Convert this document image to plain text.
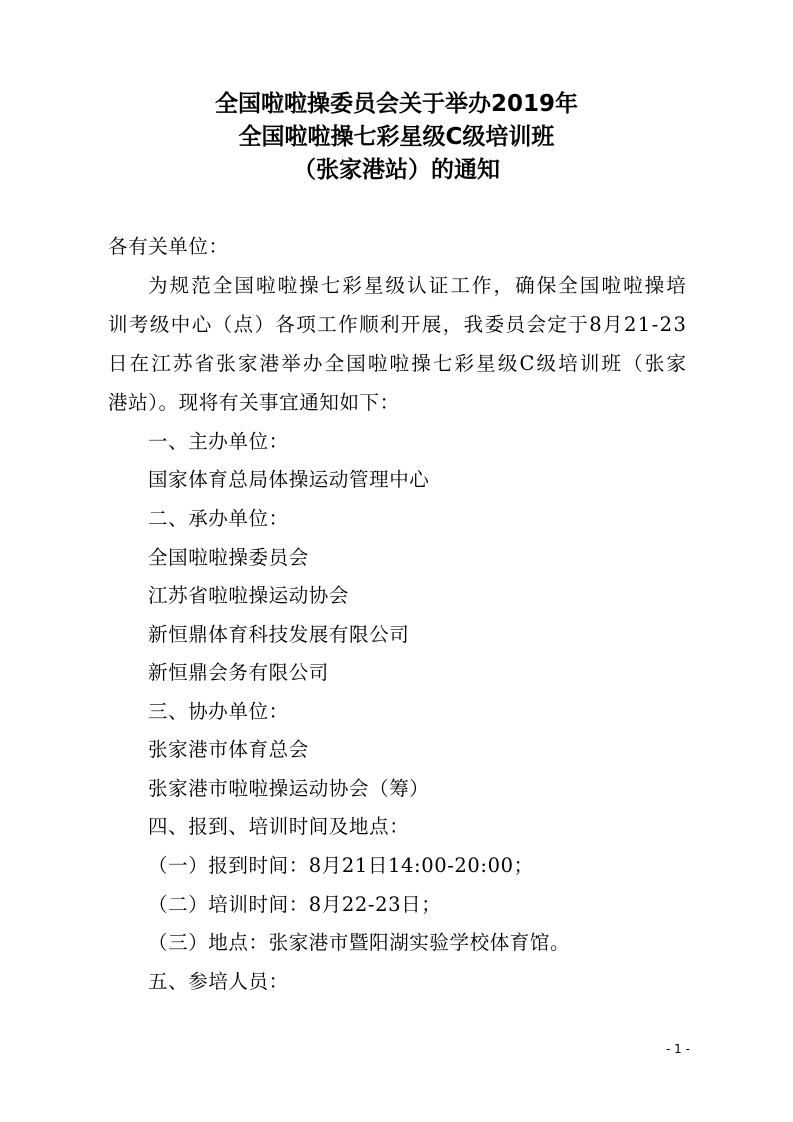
全国啦啦操委员会关于举办2019年
全国啦啦操七彩星级C级培训班
（张家港站）的通知
各有关单位：
为 规 范 全 国 啦 啦 操 七 彩 星 级 认 证 工 作 ， 确 保 全 国 啦 啦 操 培
训 考 级 中 心 （ 点 ） 各 项 工 作 顺 利 开 展 ， 我 委 员 会 定 于 8 月 2 1 - 2 3
日 在 江 苏 省 张 家 港 举 办 全 国 啦 啦 操 七 彩 星 级 C 级 培 训 班 （ 张 家
港站）。现将有关事宜通知如下：
一、主办单位：
国家体育总局体操运动管理中心
二、承办单位：
全国啦啦操委员会
江苏省啦啦操运动协会
新恒鼎体育科技发展有限公司
新恒鼎会务有限公司
三、协办单位：
张家港市体育总会
张家港市啦啦操运动协会（筹）
四、报到、培训时间及地点：
（一）报到时间：8月21日14:00-20:00；
（二）培训时间：8月22-23日；
（三）地点：张家港市暨阳湖实验学校体育馆。
五、参培人员：
- 1 -
